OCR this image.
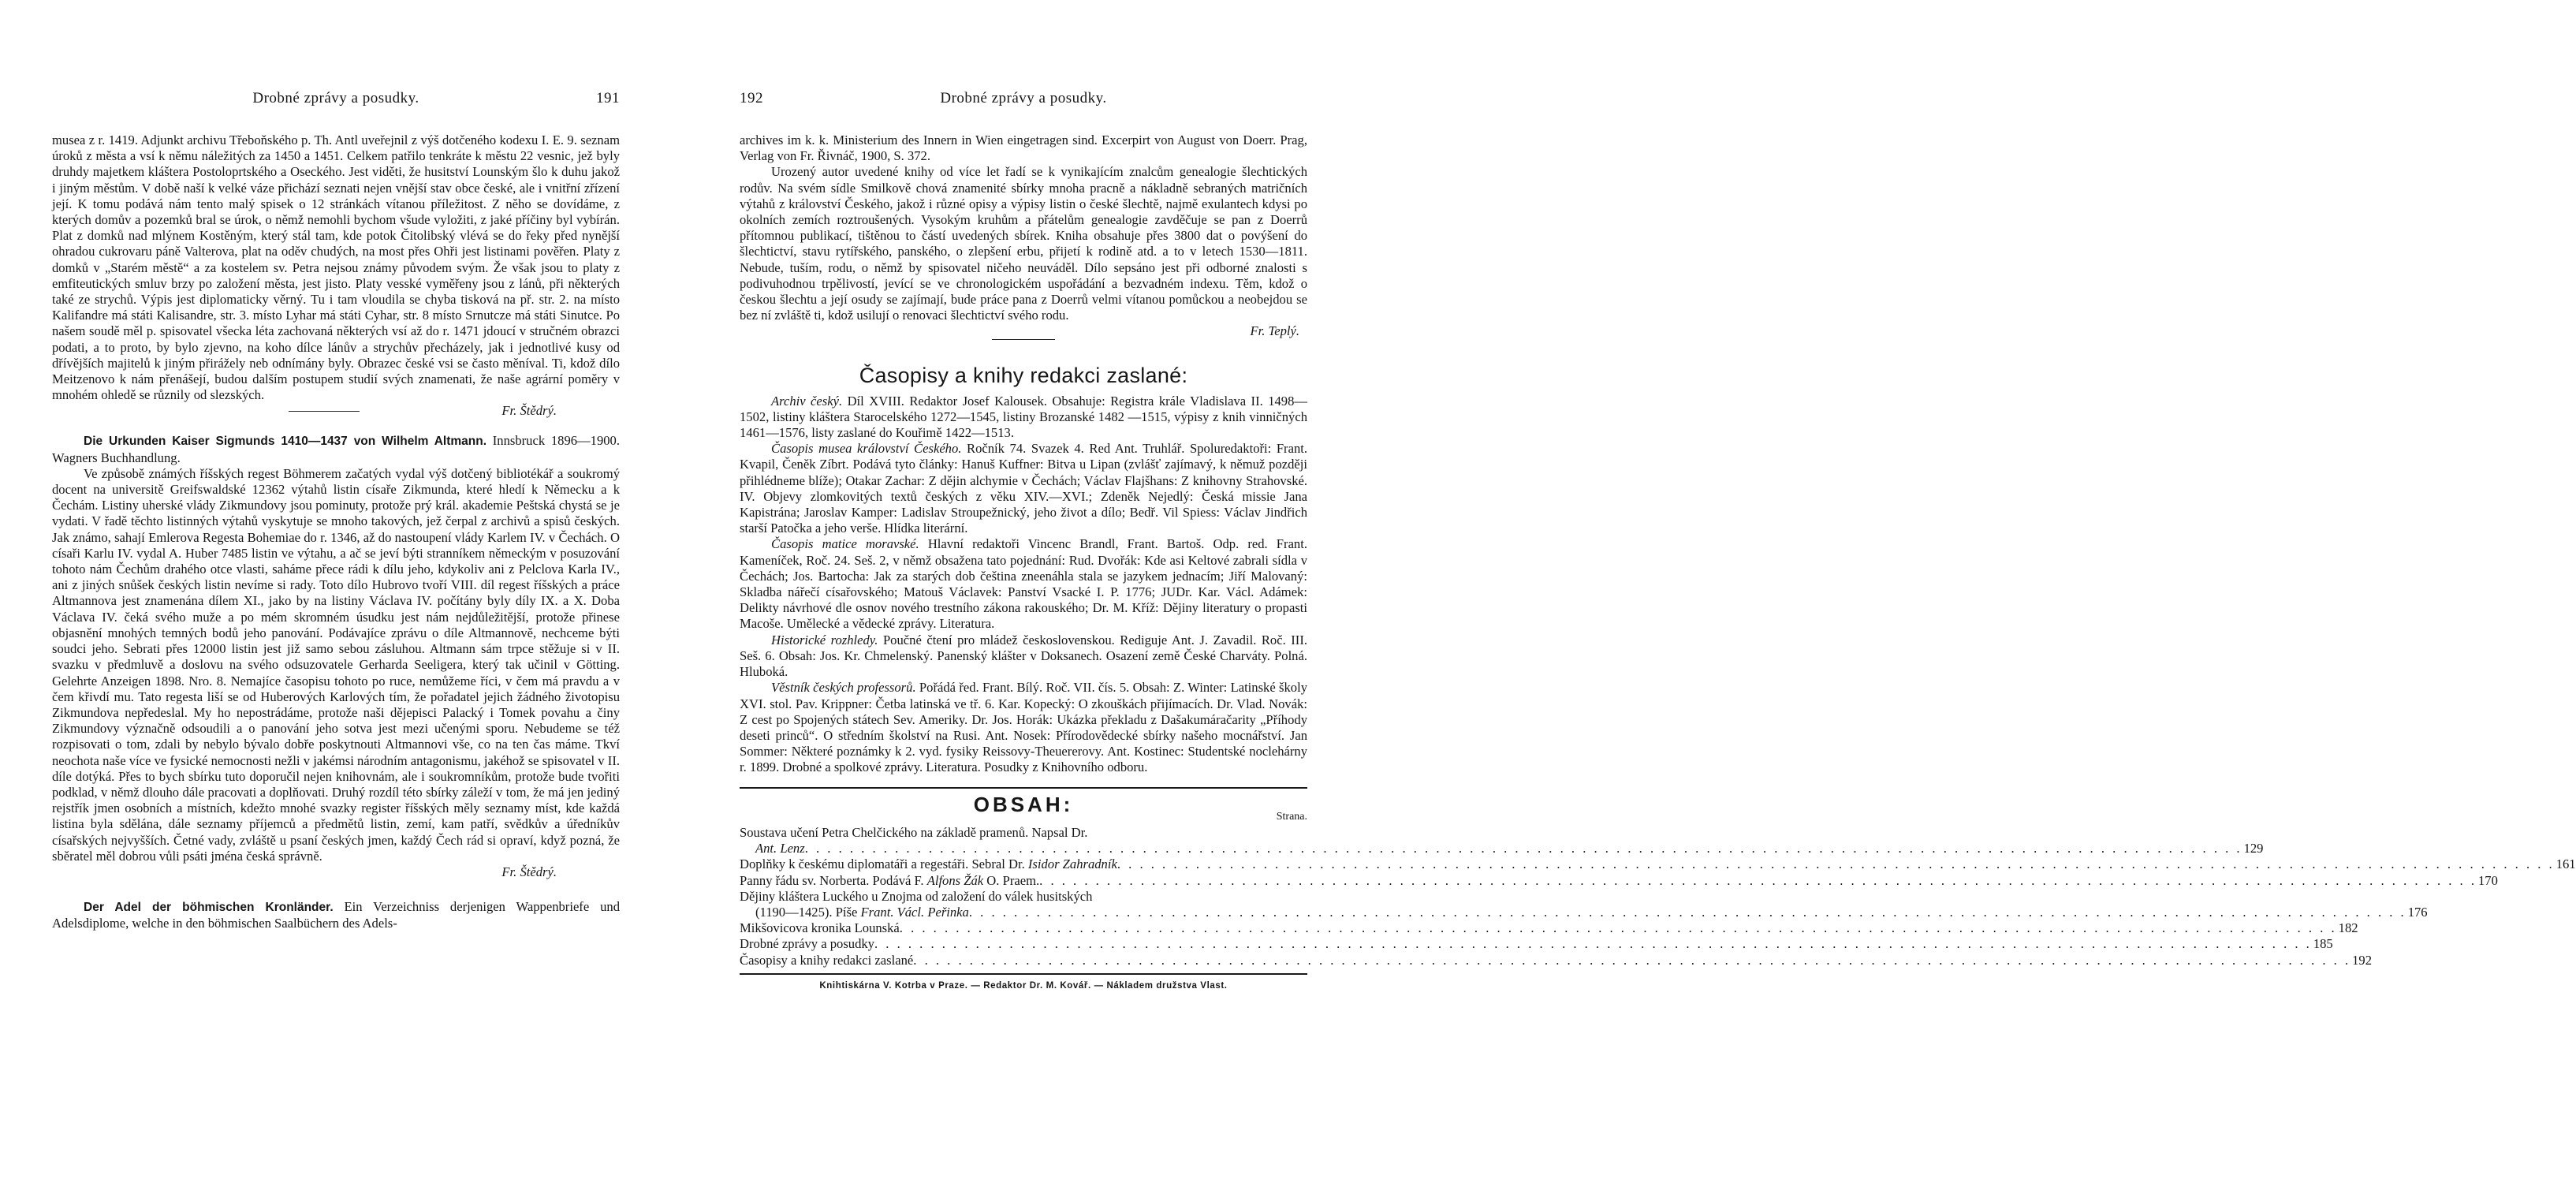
Drobné zprávy a posudky.	191

musea z r. 1419. Adjunkt archivu Třeboňského p. Th. Antl uveřejnil z výš dotčeného kodexu I. E. 9. seznam úroků z města a vsí k němu náležitých za 1450 a 1451. Celkem patřilo tenkráte k městu 22 vesnic, jež byly druhdy majetkem kláštera Postoloprtského a Oseckého. Jest viděti, že husitství Lounským šlo k duhu jakož i jiným městům. V době naší k velké váze přichází seznati nejen vnější stav obce české, ale i vnitřní zřízení její. K tomu podává nám tento malý spisek o 12 stránkách vítanou příležitost. Z něho se dovídáme, z kterých domův a pozemků bral se úrok, o němž nemohli bychom všude vyložiti, z jaké příčiny byl vybírán. Plat z domků nad mlýnem Kostěným, který stál tam, kde potok Čitolibský vlévá se do řeky před nynější ohradou cukrovaru páně Valterova, plat na oděv chudých, na most přes Ohři jest listinami pověřen. Platy z domků v „Starém městě“ a za kostelem sv. Petra nejsou známy původem svým. Že však jsou to platy z emfiteutických smluv brzy po založení města, jest jisto. Platy vesské vyměřeny jsou z lánů, při některých také ze strychů. Výpis jest diplomaticky věrný. Tu i tam vloudila se chyba tisková na př. str. 2. na místo Kalifandre má státi Kalisandre, str. 3. místo Lyhar má státi Cyhar, str. 8 místo Srnutcze má státi Sinutce. Po našem soudě měl p. spisovatel všecka léta zachovaná některých vsí až do r. 1471 jdoucí v stručném obrazci podati, a to proto, by bylo zjevno, na koho dílce lánův a strychův přecházely, jak i jednotlivé kusy od dřívějších majitelů k jiným přirážely neb odnímány byly. Obrazec české vsi se často měníval. Ti, kdož dílo Meitzenovo k nám přenášejí, budou dalším postupem studií svých znamenati, že naše agrární poměry v mnohém ohledě se různily od slezských.

Fr. Štědrý.

Die Urkunden Kaiser Sigmunds 1410—1437 von Wilhelm Altmann. Innsbruck 1896—1900. Wagners Buchhandlung.

Ve způsobě známých říšských regest Böhmerem začatých vydal výš dotčený bibliotékář a soukromý docent na universitě Greifswaldské 12362 výtahů listin císaře Zikmunda, které hledí k Německu a k Čechám. Listiny uherské vlády Zikmundovy jsou pominuty, protože prý král. akademie Peštská chystá se je vydati. V řadě těchto listinných výtahů vyskytuje se mnoho takových, jež čerpal z archivů a spisů českých. Jak známo, sahají Emlerova Regesta Bohemiae do r. 1346, až do nastoupení vlády Karlem IV. v Čechách. O císaři Karlu IV. vydal A. Huber 7485 listin ve výtahu, a ač se jeví býti stranníkem německým v posuzování tohoto nám Čechům drahého otce vlasti, saháme přece rádi k dílu jeho, kdykoliv ani z Pelclova Karla IV., ani z jiných snůšek českých listin nevíme si rady. Toto dílo Hubrovo tvoří VIII. díl regest říšských a práce Altmannova jest znamenána dílem XI., jako by na listiny Václava IV. počítány byly díly IX. a X. Doba Václava IV. čeká svého muže a po mém skromném úsudku jest nám nejdůležitější, protože přinese objasnění mnohých temných bodů jeho panování. Podávajíce zprávu o díle Altmannově, nechceme býti soudci jeho. Sebrati přes 12000 listin jest již samo sebou zásluhou. Altmann sám trpce stěžuje si v II. svazku v předmluvě a doslovu na svého odsuzovatele Gerharda Seeligera, který tak učinil v Götting. Gelehrte Anzeigen 1898. Nro. 8. Nemajíce časopisu tohoto po ruce, nemůžeme říci, v čem má pravdu a v čem křivdí mu. Tato regesta liší se od Huberových Karlových tím, že pořadatel jejich žádného životopisu Zikmundova nepředeslal. My ho nepostrádáme, protože naši dějepisci Palacký i Tomek povahu a činy Zikmundovy význačně odsoudili a o panování jeho sotva jest mezi učenými sporu. Nebudeme se též rozpisovati o tom, zdali by nebylo bývalo dobře poskytnouti Altmannovi vše, co na ten čas máme. Tkví neochota naše více ve fysické nemocnosti nežli v jakémsi národním antagonismu, jakéhož se spisovatel v II. díle dotýká. Přes to bych sbírku tuto doporučil nejen knihovnám, ale i soukromníkům, protože bude tvořiti podklad, v němž dlouho dále pracovati a doplňovati. Druhý rozdíl této sbírky záleží v tom, že má jen jediný rejstřík jmen osobních a místních, kdežto mnohé svazky register říšských měly seznamy míst, kde každá listina byla sdělána, dále seznamy příjemců a předmětů listin, zemí, kam patří, svědkův a úředníkův císařských nejvyšších. Četné vady, zvláště u psaní českých jmen, každý Čech rád si opraví, když pozná, že sběratel měl dobrou vůli psáti jména česká správně.

Fr. Štědrý.

Der Adel der böhmischen Kronländer. Ein Verzeichniss derjenigen Wappenbriefe und Adelsdiplome, welche in den böhmischen Saalbüchern des Adels-

Drobné zprávy a posudky.
192

archives im k. k. Ministerium des Innern in Wien eingetragen sind. Excerpirt von August von Doerr. Prag, Verlag von Fr. Řivnáč, 1900, S. 372.

Urozený autor uvedené knihy od více let řadí se k vynikajícím znalcům genealogie šlechtických rodův. Na svém sídle Smilkově chová znamenité sbírky mnoha pracně a nákladně sebraných matričních výtahů z království Českého, jakož i různé opisy a výpisy listin o české šlechtě, najmě exulantech kdysi po okolních zemích roztroušených. Vysokým kruhům a přátelům genealogie zavděčuje se pan z Doerrů přítomnou publikací, tištěnou to částí uvedených sbírek. Kniha obsahuje přes 3800 dat o povýšení do šlechtictví, stavu rytířského, panského, o zlepšení erbu, přijetí k rodině atd. a to v letech 1530—1811. Nebude, tuším, rodu, o němž by spisovatel ničeho neuváděl. Dílo sepsáno jest při odborné znalosti s podivuhodnou trpělivostí, jevící se ve chronologickém uspořádání a bezvadném indexu. Těm, kdož o českou šlechtu a její osudy se zajímají, bude práce pana z Doerrů velmi vítanou pomůckou a neobejdou se bez ní zvláště ti, kdož usilují o renovaci šlechtictví svého rodu.

Fr. Teplý.
Časopisy a knihy redakci zaslané:

Archiv český. Díl XVIII. Redaktor Josef Kalousek. Obsahuje: Registra krále Vladislava II. 1498—1502, listiny kláštera Starocelského 1272—1545, listiny Brozanské 1482 —1515, výpisy z knih vinničných 1461—1576, listy zaslané do Kouřimě 1422—1513.

Časopis musea království Českého. Ročník 74. Svazek 4. Red Ant. Truhlář. Spoluredaktoři: Frant. Kvapil, Čeněk Zíbrt. Podává tyto články: Hanuš Kuffner: Bitva u Lipan (zvlášť zajímavý, k němuž později přihlédneme blíže); Otakar Zachar: Z dějin alchymie v Čechách; Václav Flajšhans: Z knihovny Strahovské. IV. Objevy zlomkovitých textů českých z věku XIV.—XVI.; Zdeněk Nejedlý: Česká missie Jana Kapistrána; Jaroslav Kamper: Ladislav Stroupežnický, jeho život a dílo; Bedř. Vil Spiess: Václav Jindřich starší Patočka a jeho verše. Hlídka literární.

Časopis matice moravské. Hlavní redaktoři Vincenc Brandl, Frant. Bartoš. Odp. red. Frant. Kameníček, Roč. 24. Seš. 2, v němž obsažena tato pojednání: Rud. Dvořák: Kde asi Keltové zabrali sídla v Čechách; Jos. Bartocha: Jak za starých dob čeština zneenáhla stala se jazykem jednacím; Jiří Malovaný: Skladba nářečí císařovského; Matouš Václavek: Panství Vsacké I. P. 1776; JUDr. Kar. Václ. Adámek: Delikty návrhové dle osnov nového trestního zákona rakouského; Dr. M. Kříž: Dějiny literatury o propasti Macoše. Umělecké a vědecké zprávy. Literatura.

Historické rozhledy. Poučné čtení pro mládež československou. Rediguje Ant. J. Zavadil. Roč. III. Seš. 6. Obsah: Jos. Kr. Chmelenský. Panenský klášter v Doksanech. Osazení země České Charváty. Polná. Hluboká.

Věstník českých professorů. Pořádá řed. Frant. Bílý. Roč. VII. čís. 5. Obsah: Z. Winter: Latinské školy XVI. stol. Pav. Krippner: Četba latinská ve tř. 6. Kar. Kopecký: O zkouškách přijímacích. Dr. Vlad. Novák: Z cest po Spojených státech Sev. Ameriky. Dr. Jos. Horák: Ukázka překladu z Dašakumáračarity „Příhody deseti princů“. O středním školství na Rusi. Ant. Nosek: Přírodovědecké sbírky našeho mocnářství. Jan Sommer: Některé poznámky k 2. vyd. fysiky Reissovy-Theuererovy. Ant. Kostinec: Studentské noclehárny r. 1899. Drobné a spolkové zprávy. Literatura. Posudky z Knihovního odboru.

OBSAH:
Strana.
Soustava učení Petra Chelčického na základě pramenů. Napsal Dr.
Ant. Lenz . . .	129
Doplňky k českému diplomatáři a regestáři. Sebral Dr. Isidor Zahradník . . .	161
Panny řádu sv. Norberta. Podává F. Alfons Žák O. Praem. . . .	170
Dějiny kláštera Luckého u Znojma od založení do válek husitských
(1190—1425). Píše Frant. Václ. Peřinka . . .	176
Mikšovicova kronika Lounská . . .	182
Drobné zprávy a posudky . . .	185
Časopisy a knihy redakci zaslané . . .	192
Knihtiskárna V. Kotrba v Praze. — Redaktor Dr. M. Kovář. — Nákladem družstva Vlast.
